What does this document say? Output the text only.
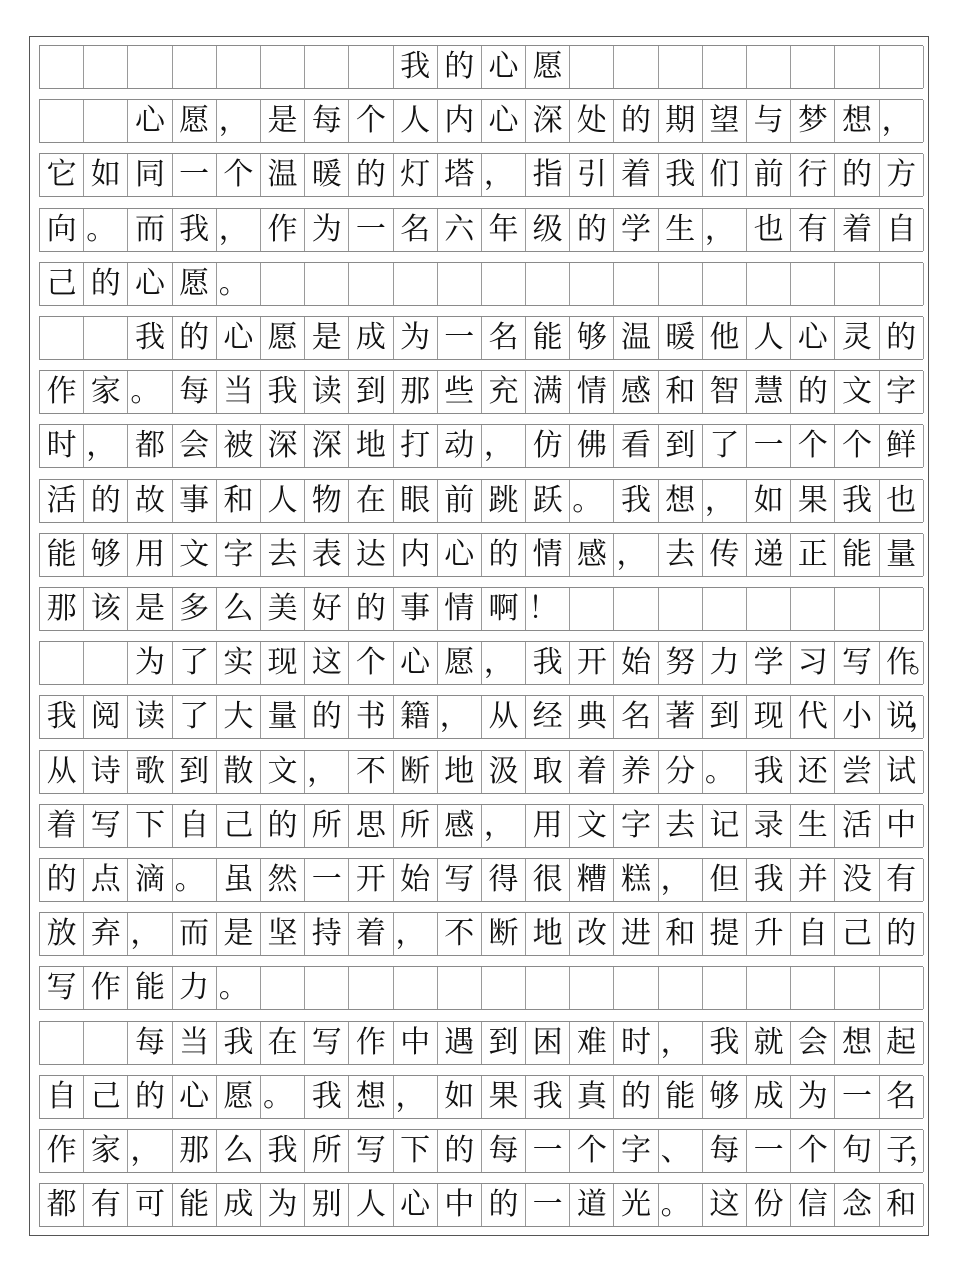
我 的 心 愿
心 愿 ， 是 每 个 人 内 心 深 处 的 期 望 与 梦 想 ，
它 如 同 一 个 温 暖 的 灯 塔 ， 指 引 着 我 们 前 行 的 方
向 。 而 我 ， 作 为 一 名 六 年 级 的 学 生 ， 也 有 着 自
己 的 心 愿 。
我 的 心 愿 是 成 为 一 名 能 够 温 暖 他 人 心 灵 的
作 家 。 每 当 我 读 到 那 些 充 满 情 感 和 智 慧 的 文 字
时 ， 都 会 被 深 深 地 打 动 ， 仿 佛 看 到 了 一 个 个 鲜
活 的 故 事 和 人 物 在 眼 前 跳 跃 。 我 想 ， 如 果 我 也
能 够 用 文 字 去 表 达 内 心 的 情 感 ， 去 传 递 正 能 量
那 该 是 多 么 美 好 的 事 情 啊 ！
为 了 实 现 这 个 心 愿 ， 我 开 始 努 力 学 习 写 作
。
我 阅 读 了 大 量 的 书 籍 ， 从 经 典 名 著 到 现 代 小 说
，
从 诗 歌 到 散 文 ， 不 断 地 汲 取 着 养 分 。 我 还 尝 试
着 写 下 自 己 的 所 思 所 感 ， 用 文 字 去 记 录 生 活 中
的 点 滴 。 虽 然 一 开 始 写 得 很 糟 糕 ， 但 我 并 没 有
放 弃 ， 而 是 坚 持 着 ， 不 断 地 改 进 和 提 升 自 己 的
写 作 能 力 。
每 当 我 在 写 作 中 遇 到 困 难 时 ， 我 就 会 想 起
自 己 的 心 愿 。 我 想 ， 如 果 我 真 的 能 够 成 为 一 名
作 家 ， 那 么 我 所 写 下 的 每 一 个 字 、 每 一 个 句 子
，
都 有 可 能 成 为 别 人 心 中 的 一 道 光 。 这 份 信 念 和
